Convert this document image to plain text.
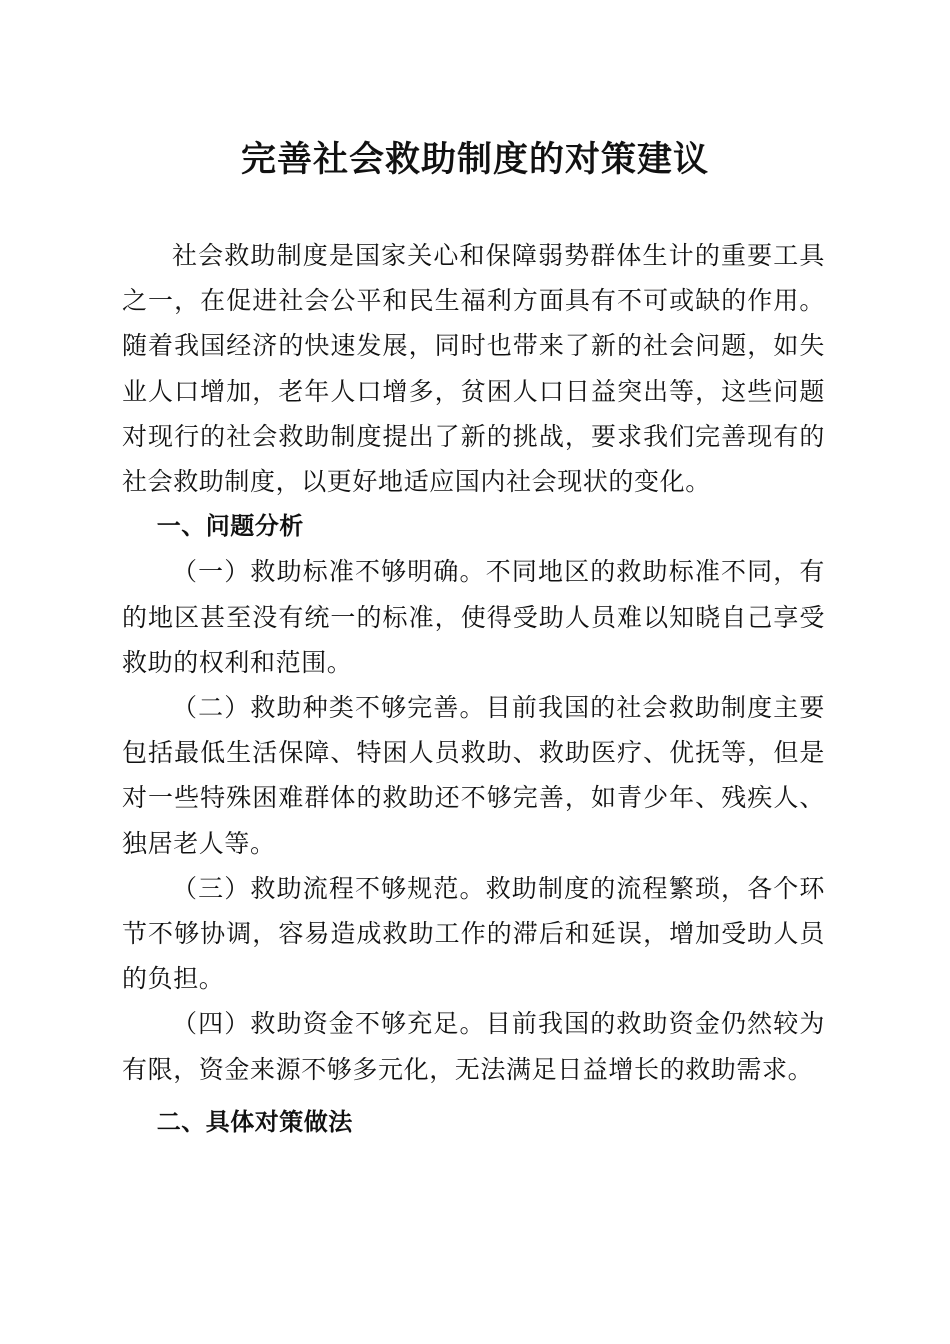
完善社会救助制度的对策建议

社会救助制度是国家关心和保障弱势群体生计的重要工具之一，在促进社会公平和民生福利方面具有不可或缺的作用。随着我国经济的快速发展，同时也带来了新的社会问题，如失业人口增加，老年人口增多，贫困人口日益突出等，这些问题对现行的社会救助制度提出了新的挑战，要求我们完善现有的社会救助制度，以更好地适应国内社会现状的变化。

一、问题分析

（一）救助标准不够明确。不同地区的救助标准不同，有的地区甚至没有统一的标准，使得受助人员难以知晓自己享受救助的权利和范围。

（二）救助种类不够完善。目前我国的社会救助制度主要包括最低生活保障、特困人员救助、救助医疗、优抚等，但是对一些特殊困难群体的救助还不够完善，如青少年、残疾人、独居老人等。

（三）救助流程不够规范。救助制度的流程繁琐，各个环节不够协调，容易造成救助工作的滞后和延误，增加受助人员的负担。

（四）救助资金不够充足。目前我国的救助资金仍然较为有限，资金来源不够多元化，无法满足日益增长的救助需求。

二、具体对策做法
